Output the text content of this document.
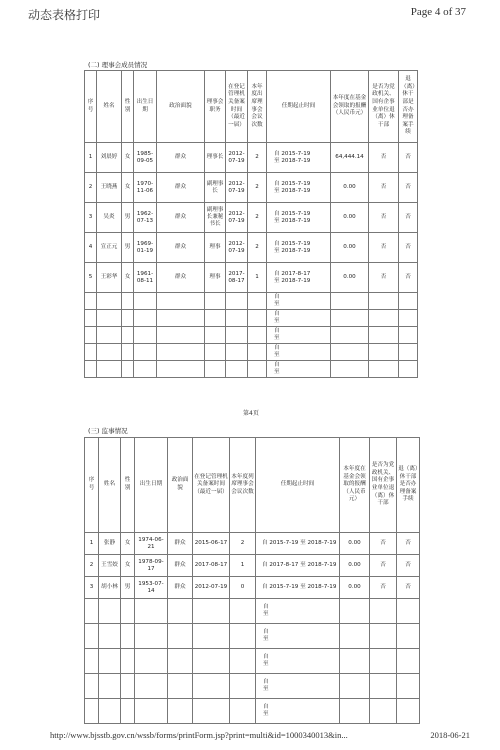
动态表格打印	Page 4 of 37
(二) 理事会成员情况
序号	姓名	性别	出生日期	政治面貌	理事会职务	在登记管理机关备案时间（最近一届）	本年度出席理事会会议次数	任期起止时间	本年度在基金会领取的报酬（人民币元）	是否为党政机关、国有企事业单位退（离）休干部	退（离）休干部是否办理备案手续
1	刘晨婷	女	1985-09-05	群众	理事长	2012-07-19	2	自 2015-7-19
至 2018-7-19	64,444.14	否	否
2	王晓燕	女	1970-11-06	群众	副理事长	2012-07-19	2	自 2015-7-19
至 2018-7-19	0.00	否	否
3	吴炎	男	1962-07-13	群众	副理事长兼秘书长	2012-07-19	2	自 2015-7-19
至 2018-7-19	0.00	否	否
4	宣正元	男	1969-01-19	群众	理事	2012-07-19	2	自 2015-7-19
至 2018-7-19	0.00	否	否
5	王彩华	女	1961-08-11	群众	理事	2017-08-17	1	自 2017-8-17
至 2018-7-19	0.00	否	否

								自
至			

								自
至			

								自
至			

								自
至			

								自
至			

第4页
(三) 监事情况
序号	姓名	性别	出生日期	政治面貌	在登记管理机关备案时间（最近一届）	本年度列席理事会会议次数	任期起止时间	本年度在基金会领取的报酬（人民币元）	是否为党政机关、国有企事业单位退（离）休干部	退（离）休干部是否办理备案手续
1	张静	女	1974-06-21	群众	2015-06-17	2	自 2015-7-19 至 2018-7-19	0.00	否	否
2	王雪姣	女	1978-09-17	群众	2017-08-17	1	自 2017-8-17 至 2018-7-19	0.00	否	否
3	胡小林	男	1953-07-14	群众	2012-07-19	0	自 2015-7-19 至 2018-7-19	0.00	否	否

							自
至			

							自
至			

							自
至			

							自
至			

							自
至			

http://www.bjsstb.gov.cn/wssb/forms/printForm.jsp?print=multi&id=1000340013&in...	2018-06-21
